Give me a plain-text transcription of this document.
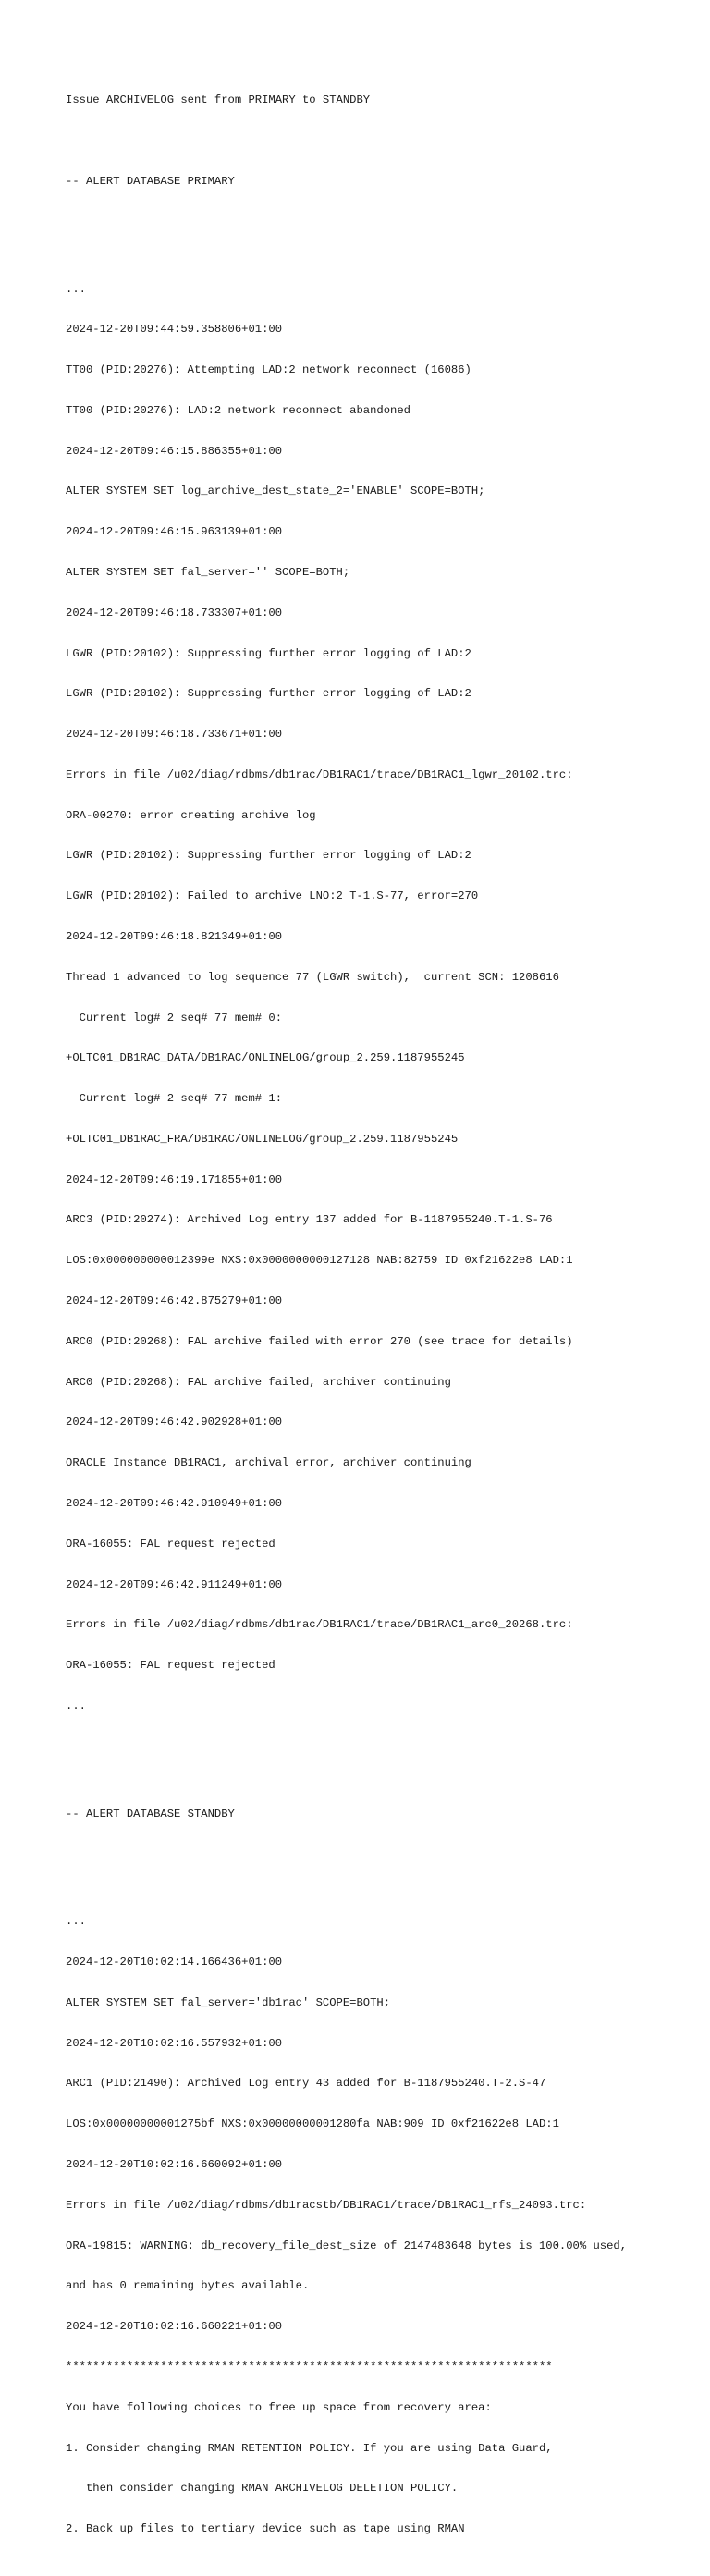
Issue ARCHIVELOG sent from PRIMARY to STANDBY

-- ALERT DATABASE PRIMARY

...

2024-12-20T09:44:59.358806+01:00

TT00 (PID:20276): Attempting LAD:2 network reconnect (16086)

TT00 (PID:20276): LAD:2 network reconnect abandoned

2024-12-20T09:46:15.886355+01:00

ALTER SYSTEM SET log_archive_dest_state_2='ENABLE' SCOPE=BOTH;

2024-12-20T09:46:15.963139+01:00

ALTER SYSTEM SET fal_server='' SCOPE=BOTH;

2024-12-20T09:46:18.733307+01:00

LGWR (PID:20102): Suppressing further error logging of LAD:2

LGWR (PID:20102): Suppressing further error logging of LAD:2

2024-12-20T09:46:18.733671+01:00

Errors in file /u02/diag/rdbms/db1rac/DB1RAC1/trace/DB1RAC1_lgwr_20102.trc:

ORA-00270: error creating archive log

LGWR (PID:20102): Suppressing further error logging of LAD:2

LGWR (PID:20102): Failed to archive LNO:2 T-1.S-77, error=270

2024-12-20T09:46:18.821349+01:00

Thread 1 advanced to log sequence 77 (LGWR switch),  current SCN: 1208616

Current log# 2 seq# 77 mem# 0:

+OLTC01_DB1RAC_DATA/DB1RAC/ONLINELOG/group_2.259.1187955245

Current log# 2 seq# 77 mem# 1:

+OLTC01_DB1RAC_FRA/DB1RAC/ONLINELOG/group_2.259.1187955245

2024-12-20T09:46:19.171855+01:00

ARC3 (PID:20274): Archived Log entry 137 added for B-1187955240.T-1.S-76

LOS:0x000000000012399e NXS:0x0000000000127128 NAB:82759 ID 0xf21622e8 LAD:1

2024-12-20T09:46:42.875279+01:00

ARC0 (PID:20268): FAL archive failed with error 270 (see trace for details)

ARC0 (PID:20268): FAL archive failed, archiver continuing

2024-12-20T09:46:42.902928+01:00

ORACLE Instance DB1RAC1, archival error, archiver continuing

2024-12-20T09:46:42.910949+01:00

ORA-16055: FAL request rejected

2024-12-20T09:46:42.911249+01:00

Errors in file /u02/diag/rdbms/db1rac/DB1RAC1/trace/DB1RAC1_arc0_20268.trc:

ORA-16055: FAL request rejected

...

-- ALERT DATABASE STANDBY

...

2024-12-20T10:02:14.166436+01:00

ALTER SYSTEM SET fal_server='db1rac' SCOPE=BOTH;

2024-12-20T10:02:16.557932+01:00

ARC1 (PID:21490): Archived Log entry 43 added for B-1187955240.T-2.S-47

LOS:0x00000000001275bf NXS:0x00000000001280fa NAB:909 ID 0xf21622e8 LAD:1

2024-12-20T10:02:16.660092+01:00

Errors in file /u02/diag/rdbms/db1racstb/DB1RAC1/trace/DB1RAC1_rfs_24093.trc:

ORA-19815: WARNING: db_recovery_file_dest_size of 2147483648 bytes is 100.00% used,

and has 0 remaining bytes available.

2024-12-20T10:02:16.660221+01:00

************************************************************************

You have following choices to free up space from recovery area:

1. Consider changing RMAN RETENTION POLICY. If you are using Data Guard,

then consider changing RMAN ARCHIVELOG DELETION POLICY.

2. Back up files to tertiary device such as tape using RMAN
